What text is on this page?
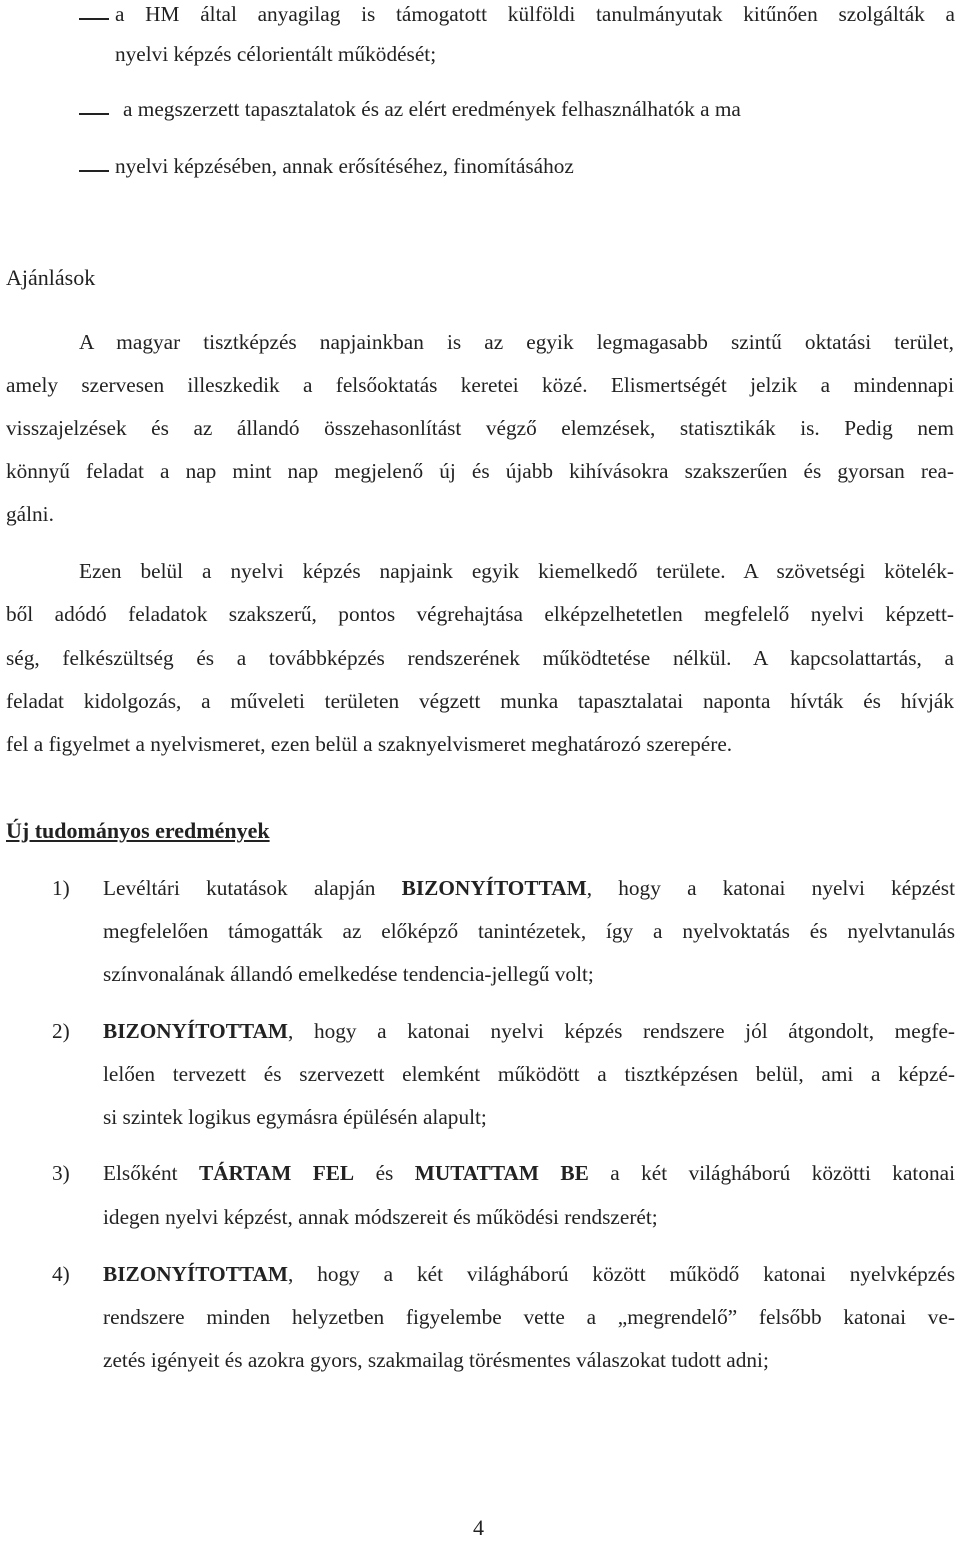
a HM által anyagilag is támogatott külföldi tanulmányutak kitűnően szolgálták a
nyelvi képzés célorientált működését;
a megszerzett tapasztalatok és az elért eredmények felhasználhatók a ma
nyelvi képzésében, annak erősítéséhez, finomításához
Ajánlások
A magyar tisztképzés napjainkban is az egyik legmagasabb szintű oktatási terület,
amely szervesen illeszkedik a felsőoktatás keretei közé. Elismertségét jelzik a mindennapi
visszajelzések és az állandó összehasonlítást végző elemzések, statisztikák is. Pedig nem
könnyű feladat a nap mint nap megjelenő új és újabb kihívásokra szakszerűen és gyorsan rea-
gálni.
Ezen belül a nyelvi képzés napjaink egyik kiemelkedő területe. A szövetségi kötelék-
ből adódó feladatok szakszerű, pontos végrehajtása elképzelhetetlen megfelelő nyelvi képzett-
ség, felkészültség és a továbbképzés rendszerének működtetése nélkül. A kapcsolattartás, a
feladat kidolgozás, a műveleti területen végzett munka tapasztalatai naponta hívták és hívják
fel a figyelmet a nyelvismeret, ezen belül a szaknyelvismeret meghatározó szerepére.
Új tudományos eredmények
1) Levéltári kutatások alapján BIZONYÍTOTTAM, hogy a katonai nyelvi képzést
megfelelően támogatták az előképző tanintézetek, így a nyelvoktatás és nyelvtanulás
színvonalának állandó emelkedése tendencia-jellegű volt;
2) BIZONYÍTOTTAM, hogy a katonai nyelvi képzés rendszere jól átgondolt, megfe-
lelően tervezett és szervezett elemként működött a tisztképzésen belül, ami a képzé-
si szintek logikus egymásra épülésén alapult;
3) Elsőként TÁRTAM FEL és MUTATTAM BE a két világháború közötti katonai
idegen nyelvi képzést, annak módszereit és működési rendszerét;
4) BIZONYÍTOTTAM, hogy a két világháború között működő katonai nyelvképzés
rendszere minden helyzetben figyelembe vette a „megrendelő” felsőbb katonai ve-
zetés igényeit és azokra gyors, szakmailag törésmentes válaszokat tudott adni;
4
